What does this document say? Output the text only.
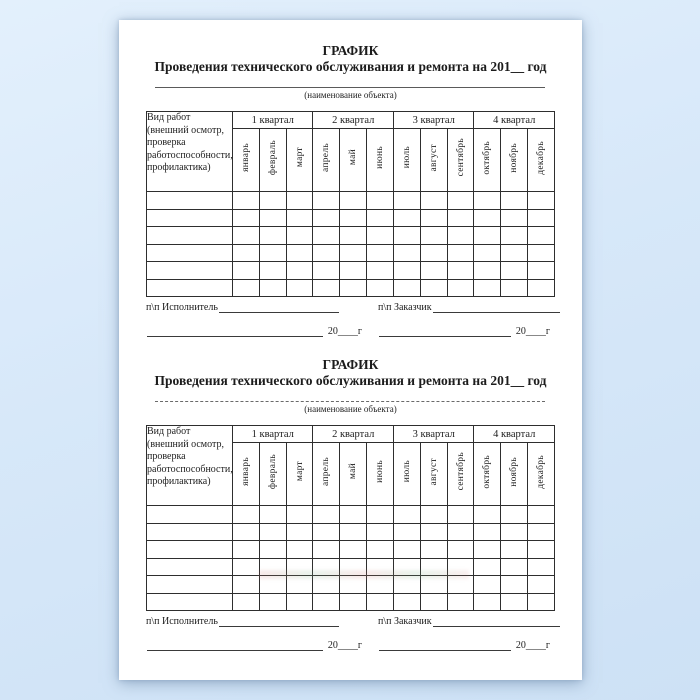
ГРАФИК
Проведения технического обслуживания и ремонта на 201__ год
(наименование объекта)
Вид работ (внешний осмотр, проверка работоспособности, профилактика)	1 квартал			2 квартал			3 квартал			4 квартал		
	январь	февраль	март	апрель	май	июнь	июль	август	сентябрь	октябрь	ноябрь	декабрь

п\п Исполнитель	п\п Заказчик
20____г	20____г
ГРАФИК
Проведения технического обслуживания и ремонта на 201__ год
(наименование объекта)
Вид работ (внешний осмотр, проверка работоспособности, профилактика)	1 квартал			2 квартал			3 квартал			4 квартал		
	январь	февраль	март	апрель	май	июнь	июль	август	сентябрь	октябрь	ноябрь	декабрь

п\п Исполнитель	п\п Заказчик
20____г	20____г
